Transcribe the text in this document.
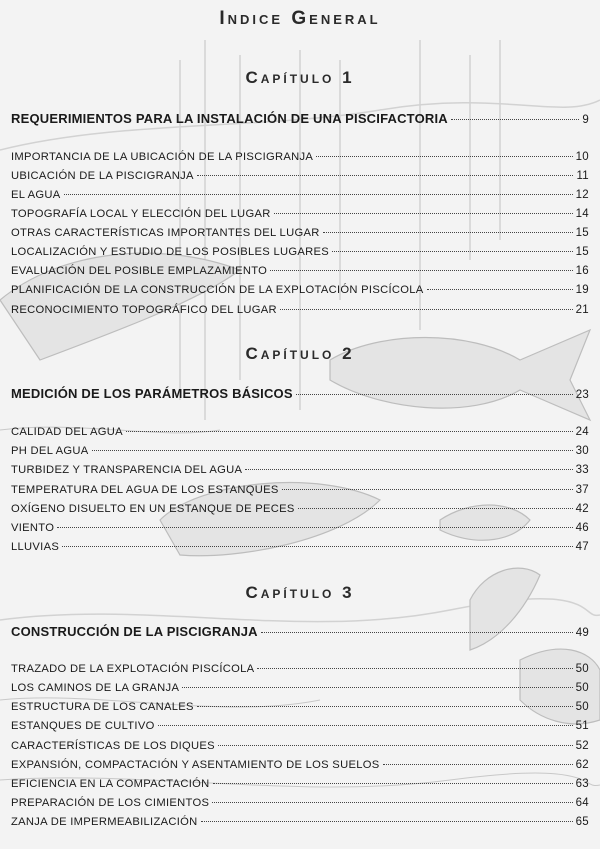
Indice General
Capítulo 1
REQUERIMIENTOS PARA LA INSTALACIÓN DE UNA PISCIFACTORIA	9
IMPORTANCIA DE LA UBICACIÓN DE LA PISCIGRANJA	10
UBICACIÓN DE LA PISCIGRANJA	11
EL AGUA	12
TOPOGRAFÍA LOCAL Y ELECCIÓN DEL LUGAR	14
OTRAS CARACTERÍSTICAS IMPORTANTES DEL LUGAR	15
LOCALIZACIÓN Y ESTUDIO DE LOS POSIBLES LUGARES	15
EVALUACIÓN DEL POSIBLE EMPLAZAMIENTO	16
PLANIFICACIÓN DE LA CONSTRUCCIÓN DE LA EXPLOTACIÓN PISCÍCOLA	19
RECONOCIMIENTO TOPOGRÁFICO DEL LUGAR	21
Capítulo 2
MEDICIÓN DE LOS PARÁMETROS BÁSICOS	23
CALIDAD DEL AGUA	24
PH DEL AGUA	30
TURBIDEZ Y TRANSPARENCIA DEL AGUA	33
TEMPERATURA DEL AGUA DE LOS ESTANQUES	37
OXÍGENO DISUELTO EN UN ESTANQUE DE PECES	42
VIENTO	46
LLUVIAS	47
Capítulo 3
CONSTRUCCIÓN DE LA PISCIGRANJA	49
TRAZADO DE LA EXPLOTACIÓN PISCÍCOLA	50
LOS CAMINOS DE LA GRANJA	50
ESTRUCTURA DE LOS CANALES	50
ESTANQUES DE CULTIVO	51
CARACTERÍSTICAS DE LOS DIQUES	52
EXPANSIÓN, COMPACTACIÓN Y ASENTAMIENTO DE LOS SUELOS	62
EFICIENCIA EN LA COMPACTACIÓN	63
PREPARACIÓN DE LOS CIMIENTOS	64
ZANJA DE IMPERMEABILIZACIÓN	65
